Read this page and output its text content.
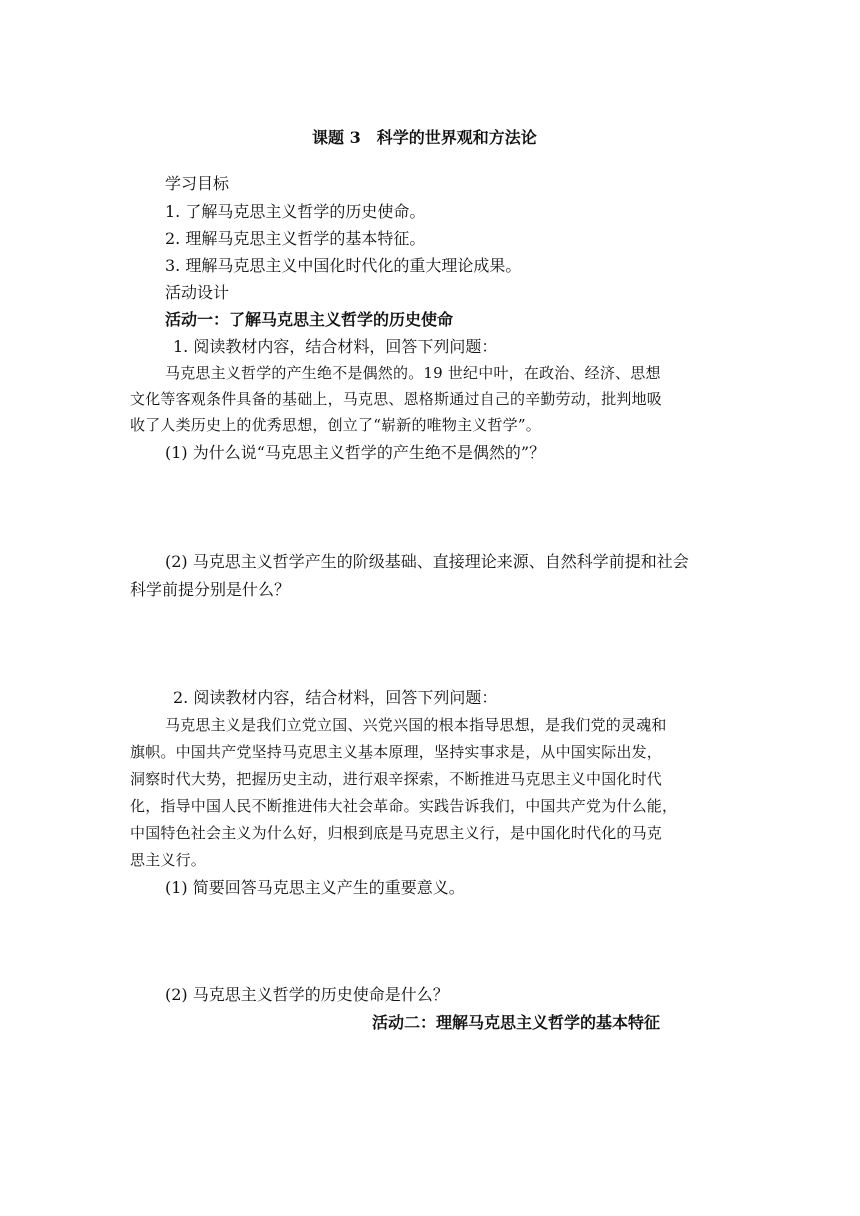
课题 3　科学的世界观和方法论
学习目标
1. 了解马克思主义哲学的历史使命。
2. 理解马克思主义哲学的基本特征。
3. 理解马克思主义中国化时代化的重大理论成果。
活动设计
活动一：了解马克思主义哲学的历史使命
1. 阅读教材内容，结合材料，回答下列问题：
马克思主义哲学的产生绝不是偶然的。19 世纪中叶，在政治、经济、思想
文化等客观条件具备的基础上，马克思、恩格斯通过自己的辛勤劳动，批判地吸
收了人类历史上的优秀思想，创立了“崭新的唯物主义哲学”。
(1) 为什么说“马克思主义哲学的产生绝不是偶然的”？
(2) 马克思主义哲学产生的阶级基础、直接理论来源、自然科学前提和社会
科学前提分别是什么？
2. 阅读教材内容，结合材料，回答下列问题：
马克思主义是我们立党立国、兴党兴国的根本指导思想，是我们党的灵魂和
旗帜。中国共产党坚持马克思主义基本原理，坚持实事求是，从中国实际出发，
洞察时代大势，把握历史主动，进行艰辛探索，不断推进马克思主义中国化时代
化，指导中国人民不断推进伟大社会革命。实践告诉我们，中国共产党为什么能，
中国特色社会主义为什么好，归根到底是马克思主义行，是中国化时代化的马克
思主义行。
(1) 简要回答马克思主义产生的重要意义。
(2) 马克思主义哲学的历史使命是什么？
活动二：理解马克思主义哲学的基本特征
